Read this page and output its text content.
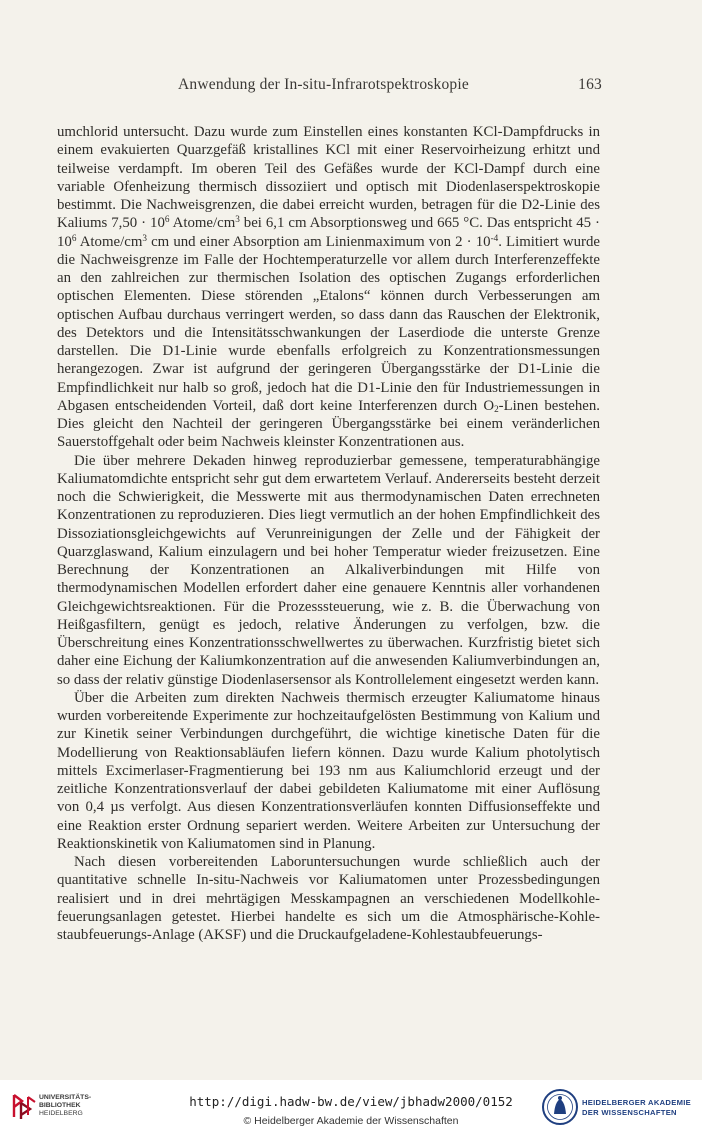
Anwendung der In-situ-Infrarotspektroskopie	163

umchlorid untersucht. Dazu wurde zum Einstellen eines konstanten KCl-Dampfdrucks in einem evakuierten Quarzgefäß kristallines KCl mit einer Reservoirheizung erhitzt und teilweise verdampft. Im oberen Teil des Gefäßes wurde der KCl-Dampf durch eine variable Ofenheizung thermisch dissoziiert und optisch mit Diodenlaserspektroskopie bestimmt. Die Nachweisgrenzen, die dabei erreicht wurden, betragen für die D2-Linie des Kaliums $7,50 \cdot 10^6$ Atome/$cm^3$ bei 6,1 cm Absorptionsweg und 665 °C. Das entspricht $45 \cdot 10^6$ Atome/$cm^3$ cm und einer Absorption am Linienmaximum von $2 \cdot 10^{-4}$. Limitiert wurde die Nachweisgrenze im Falle der Hochtemperaturzelle vor allem durch Interferenzeffekte an den zahlreichen zur thermischen Isolation des optischen Zugangs erforderlichen optischen Elementen. Diese störenden „Etalons“ können durch Verbesserungen am optischen Aufbau durchaus verringert werden, so dass dann das Rauschen der Elektronik, des Detektors und die Intensitätsschwankungen der Laserdiode die unterste Grenze darstellen. Die D1-Linie wurde ebenfalls erfolgreich zu Konzentrationsmessungen herangezogen. Zwar ist aufgrund der geringeren Übergangsstärke der D1-Linie die Empfindlichkeit nur halb so groß, jedoch hat die D1-Linie den für Industriemessungen in Abgasen entscheidenden Vorteil, daß dort keine Interferenzen durch $O_2$-Linen bestehen. Dies gleicht den Nachteil der geringeren Übergangsstärke bei einem veränderlichen Sauerstoffgehalt oder beim Nachweis kleinster Konzentrationen aus.

Die über mehrere Dekaden hinweg reproduzierbar gemessene, temperaturabhängige Kaliumatomdichte entspricht sehr gut dem erwartetem Verlauf. Andererseits besteht derzeit noch die Schwierigkeit, die Messwerte mit aus thermodynamischen Daten errechneten Konzentrationen zu reproduzieren. Dies liegt vermutlich an der hohen Empfindlichkeit des Dissoziationsgleichgewichts auf Verunreinigungen der Zelle und der Fähigkeit der Quarzglaswand, Kalium einzulagern und bei hoher Temperatur wieder freizusetzen. Eine Berechnung der Konzentrationen an Alkaliverbindungen mit Hilfe von thermodynamischen Modellen erfordert daher eine genauere Kenntnis aller vorhandenen Gleichgewichtsreaktionen. Für die Prozesssteuerung, wie z. B. die Überwachung von Heißgasfiltern, genügt es jedoch, relative Änderungen zu verfolgen, bzw. die Überschreitung eines Konzentrationsschwellwertes zu überwachen. Kurzfristig bietet sich daher eine Eichung der Kaliumkonzentration auf die anwesenden Kaliumverbindungen an, so dass der relativ günstige Diodenlasersensor als Kontrollelement eingesetzt werden kann.

Über die Arbeiten zum direkten Nachweis thermisch erzeugter Kaliumatome hinaus wurden vorbereitende Experimente zur hochzeitaufgelösten Bestimmung von Kalium und zur Kinetik seiner Verbindungen durchgeführt, die wichtige kinetische Daten für die Modellierung von Reaktionsabläufen liefern können. Dazu wurde Kalium photolytisch mittels Excimerlaser-Fragmentierung bei 193 nm aus Kaliumchlorid erzeugt und der zeitliche Konzentrationsverlauf der dabei gebildeten Kaliumatome mit einer Auflösung von 0,4 µs verfolgt. Aus diesen Konzentrationsverläufen konnten Diffusionseffekte und eine Reaktion erster Ordnung separiert werden. Weitere Arbeiten zur Untersuchung der Reaktionskinetik von Kaliumatomen sind in Planung.

Nach diesen vorbereitenden Laboruntersuchungen wurde schließlich auch der quantitative schnelle In-situ-Nachweis vor Kaliumatomen unter Prozessbedingungen realisiert und in drei mehrtägigen Messkampagnen an verschiedenen Modellkohlefeuerungsanlagen getestet. Hierbei handelte es sich um die Atmosphärische-Kohlestaubfeuerungs-Anlage (AKSF) und die Druckaufgeladene-Kohlestaubfeuerungs-

UNIVERSITÄTS-
BIBLIOTHEK
HEIDELBERG
http://digi.hadw-bw.de/view/jbhadw2000/0152
© Heidelberger Akademie der Wissenschaften
HEIDELBERGER AKADEMIE
DER WISSENSCHAFTEN
